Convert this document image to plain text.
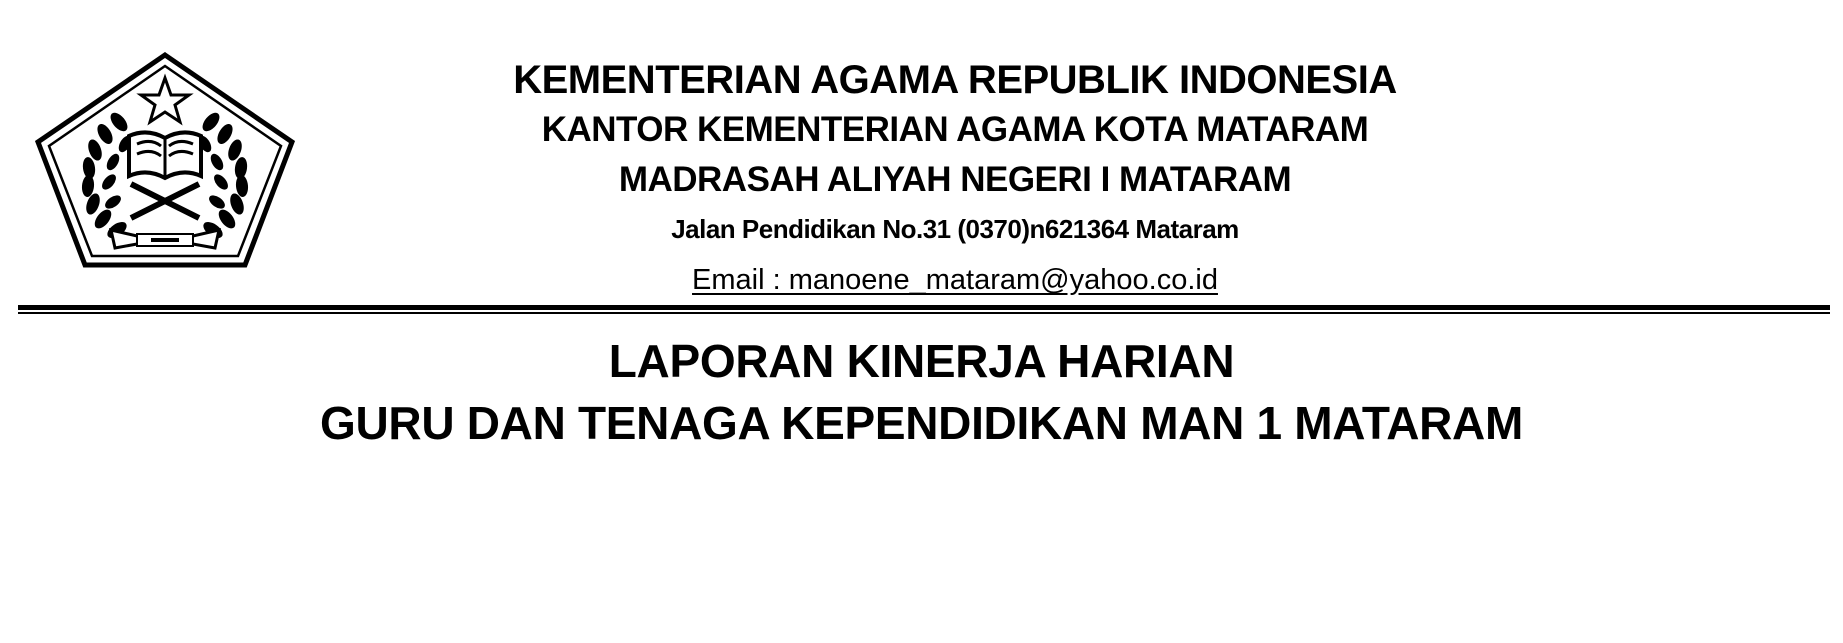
KEMENTERIAN AGAMA REPUBLIK INDONESIA
KANTOR KEMENTERIAN AGAMA KOTA MATARAM
MADRASAH ALIYAH NEGERI I MATARAM
Jalan Pendidikan No.31 (0370)n621364 Mataram
Email : manoene_mataram@yahoo.co.id
LAPORAN KINERJA HARIAN
GURU DAN TENAGA KEPENDIDIKAN MAN 1 MATARAM
